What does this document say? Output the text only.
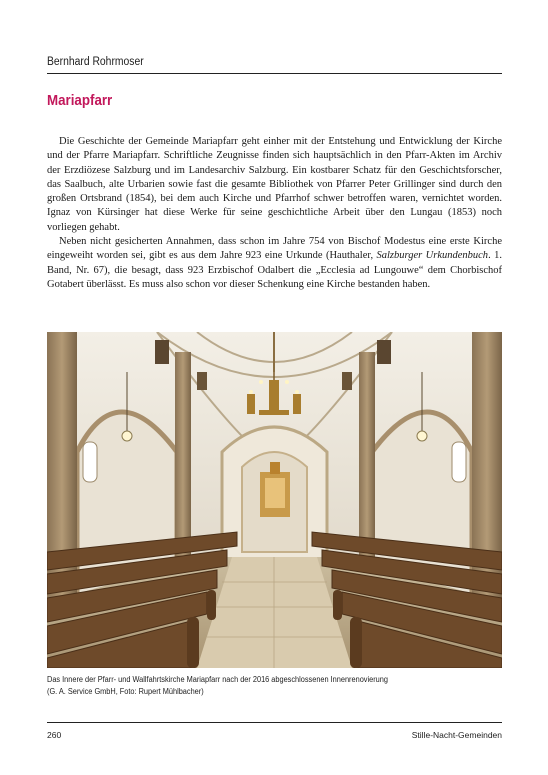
Bernhard Rohrmoser
Mariapfarr

Die Geschichte der Gemeinde Mariapfarr geht einher mit der Entstehung und Entwicklung der Kirche und der Pfarre Mariapfarr. Schriftliche Zeugnisse finden sich hauptsächlich in den Pfarr-Akten im Archiv der Erzdiözese Salzburg und im Landesarchiv Salzburg. Ein kostbarer Schatz für den Geschichtsforscher, das Saalbuch, alte Urbarien sowie fast die gesamte Bibliothek von Pfarrer Peter Grillinger sind durch den großen Ortsbrand (1854), bei dem auch Kirche und Pfarrhof schwer betroffen waren, vernichtet worden. Ignaz von Kürsinger hat diese Werke für seine geschichtliche Arbeit über den Lungau (1853) noch vorliegen gehabt.

Neben nicht gesicherten Annahmen, dass schon im Jahre 754 von Bischof Modestus eine erste Kirche eingeweiht worden sei, gibt es aus dem Jahre 923 eine Urkunde (Hauthaler, Salzburger Urkundenbuch. 1. Band, Nr. 67), die besagt, dass 923 Erzbischof Odalbert die „Ecclesia ad Lungouwe“ dem Chorbischof Gotabert überlässt. Es muss also schon vor dieser Schenkung eine Kirche bestanden haben.

Das Innere der Pfarr- und Wallfahrtskirche Mariapfarr nach der 2016 abgeschlossenen Innenrenovierung
(G. A. Service GmbH, Foto: Rupert Mühlbacher)
260	Stille-Nacht-Gemeinden
